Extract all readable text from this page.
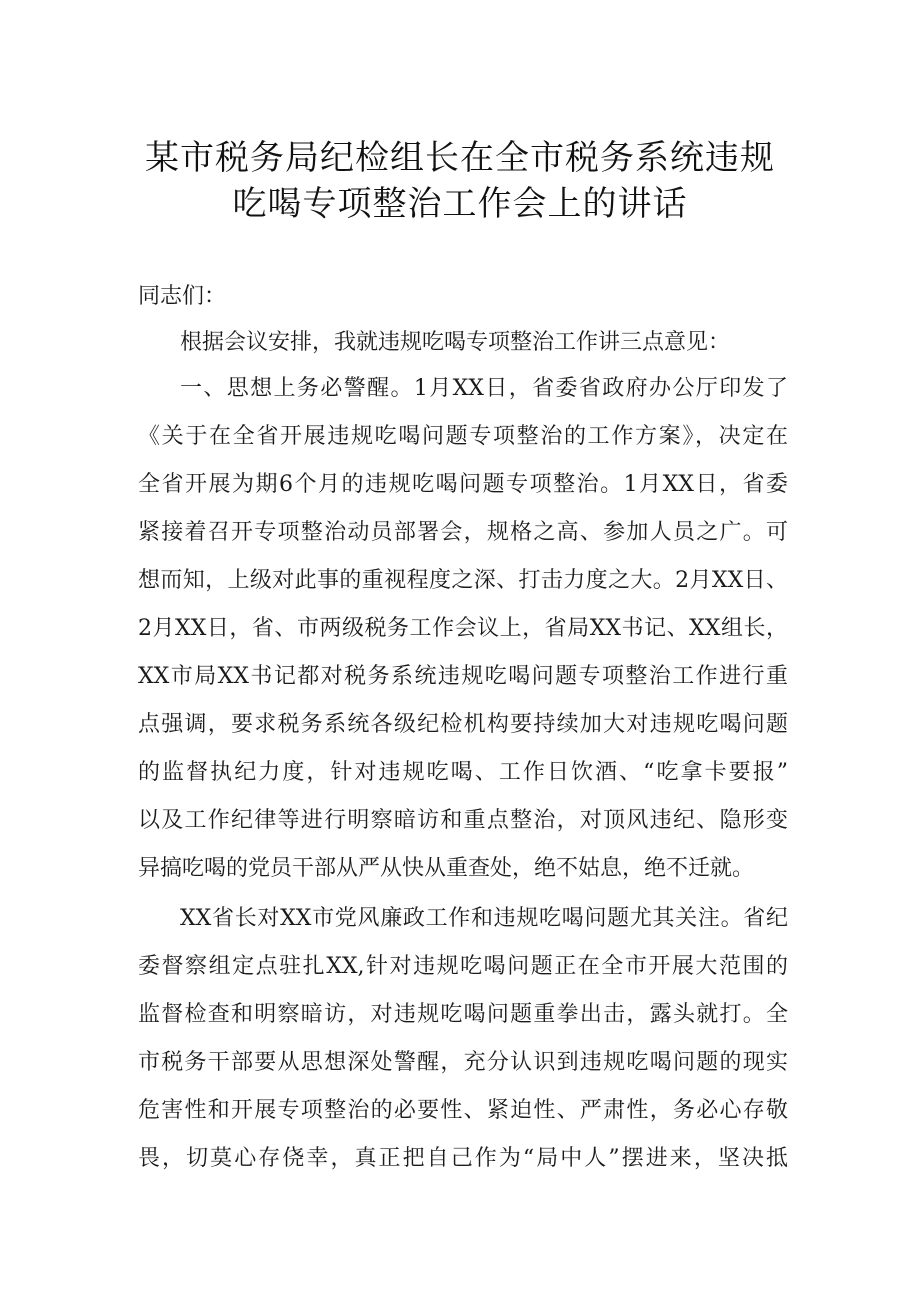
某市税务局纪检组长在全市税务系统违规
吃喝专项整治工作会上的讲话
同志们：
根据会议安排，我就违规吃喝专项整治工作讲三点意见：
一、思想上务必警醒。1月XX日，省委省政府办公厅印发了
《关于在全省开展违规吃喝问题专项整治的工作方案》，决定在
全省开展为期6个月的违规吃喝问题专项整治。1月XX日，省委
紧接着召开专项整治动员部署会，规格之高、参加人员之广。可
想而知，上级对此事的重视程度之深、打击力度之大。2月XX日、
2月XX日，省、市两级税务工作会议上，省局XX书记、XX组长，
XX市局XX书记都对税务系统违规吃喝问题专项整治工作进行重
点强调，要求税务系统各级纪检机构要持续加大对违规吃喝问题
的监督执纪力度，针对违规吃喝、工作日饮酒、“吃拿卡要报”
以及工作纪律等进行明察暗访和重点整治，对顶风违纪、隐形变
异搞吃喝的党员干部从严从快从重查处，绝不姑息，绝不迁就。
XX省长对XX市党风廉政工作和违规吃喝问题尤其关注。省纪
委督察组定点驻扎XX,针对违规吃喝问题正在全市开展大范围的
监督检查和明察暗访，对违规吃喝问题重拳出击，露头就打。全
市税务干部要从思想深处警醒，充分认识到违规吃喝问题的现实
危害性和开展专项整治的必要性、紧迫性、严肃性，务必心存敬
畏，切莫心存侥幸，真正把自己作为“局中人”摆进来，坚决抵
